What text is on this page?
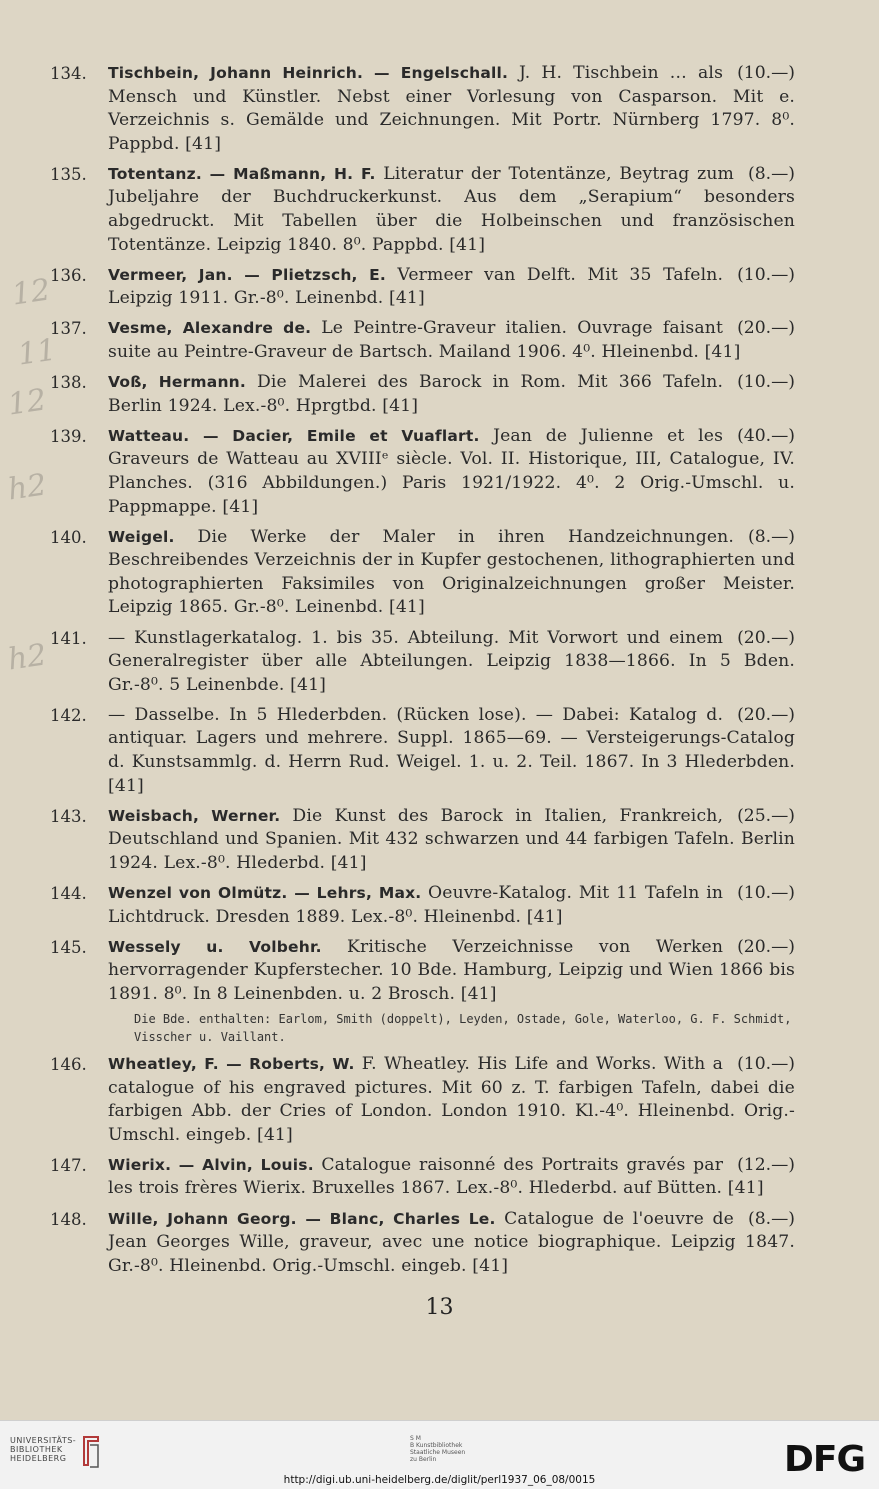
12
11
12
h2
h2
134.	(10.—)
Tischbein, Johann Heinrich. — Engelschall. J. H. Tischbein … als Mensch und Künstler. Nebst einer Vorlesung von Casparson. Mit e. Verzeichnis s. Gemälde und Zeichnungen. Mit Portr. Nürnberg 1797. 8⁰. Pappbd. [41]
135.	(8.—)
Totentanz. — Maßmann, H. F. Literatur der Totentänze, Beytrag zum Jubeljahre der Buchdruckerkunst. Aus dem „Serapium“ besonders abgedruckt. Mit Tabellen über die Holbeinschen und französischen Totentänze. Leipzig 1840. 8⁰. Pappbd. [41]
136.	(10.—)
Vermeer, Jan. — Plietzsch, E. Vermeer van Delft. Mit 35 Tafeln. Leipzig 1911. Gr.-8⁰. Leinenbd. [41]
137.	(20.—)
Vesme, Alexandre de. Le Peintre-Graveur italien. Ouvrage faisant suite au Peintre-Graveur de Bartsch. Mailand 1906. 4⁰. Hleinenbd. [41]
138.	(10.—)
Voß, Hermann. Die Malerei des Barock in Rom. Mit 366 Tafeln. Berlin 1924. Lex.-8⁰. Hprgtbd. [41]
139.	(40.—)
Watteau. — Dacier, Emile et Vuaflart. Jean de Julienne et les Graveurs de Watteau au XVIIIᵉ siècle. Vol. II. Historique, III, Catalogue, IV. Planches. (316 Abbildungen.) Paris 1921/1922. 4⁰. 2 Orig.-Umschl. u. Pappmappe. [41]
140.	(8.—)
Weigel. Die Werke der Maler in ihren Handzeichnungen. Beschreibendes Verzeichnis der in Kupfer gestochenen, lithographierten und photographierten Faksimiles von Originalzeichnungen großer Meister. Leipzig 1865. Gr.-8⁰. Leinenbd. [41]
141.	(20.—)
— Kunstlagerkatalog. 1. bis 35. Abteilung. Mit Vorwort und einem Generalregister über alle Abteilungen. Leipzig 1838—1866. In 5 Bden. Gr.-8⁰. 5 Leinenbde. [41]
142.	(20.—)
— Dasselbe. In 5 Hlederbden. (Rücken lose). — Dabei: Katalog d. antiquar. Lagers und mehrere. Suppl. 1865—69. — Versteigerungs-Catalog d. Kunstsammlg. d. Herrn Rud. Weigel. 1. u. 2. Teil. 1867. In 3 Hlederbden. [41]
143.	(25.—)
Weisbach, Werner. Die Kunst des Barock in Italien, Frankreich, Deutschland und Spanien. Mit 432 schwarzen und 44 farbigen Tafeln. Berlin 1924. Lex.-8⁰. Hlederbd. [41]
144.	(10.—)
Wenzel von Olmütz. — Lehrs, Max. Oeuvre-Katalog. Mit 11 Tafeln in Lichtdruck. Dresden 1889. Lex.-8⁰. Hleinenbd. [41]
145.	(20.—)
Wessely u. Volbehr. Kritische Verzeichnisse von Werken hervorragender Kupferstecher. 10 Bde. Hamburg, Leipzig und Wien 1866 bis 1891. 8⁰. In 8 Leinenbden. u. 2 Brosch. [41]
Die Bde. enthalten: Earlom, Smith (doppelt), Leyden, Ostade, Gole, Waterloo, G. F. Schmidt, Visscher u. Vaillant.
146.	(10.—)
Wheatley, F. — Roberts, W. F. Wheatley. His Life and Works. With a catalogue of his engraved pictures. Mit 60 z. T. farbigen Tafeln, dabei die farbigen Abb. der Cries of London. London 1910. Kl.-4⁰. Hleinenbd. Orig.-Umschl. eingeb. [41]
147.	(12.—)
Wierix. — Alvin, Louis. Catalogue raisonné des Portraits gravés par les trois frères Wierix. Bruxelles 1867. Lex.-8⁰. Hlederbd. auf Bütten. [41]
148.	(8.—)
Wille, Johann Georg. — Blanc, Charles Le. Catalogue de l'oeuvre de Jean Georges Wille, graveur, avec une notice biographique. Leipzig 1847. Gr.-8⁰. Hleinenbd. Orig.-Umschl. eingeb. [41]
13
UNIVERSITÄTS-
BIBLIOTHEK
HEIDELBERG
S M
B Kunstbibliothek
Staatliche Museen
zu Berlin	DFG
http://digi.ub.uni-heidelberg.de/diglit/perl1937_06_08/0015
